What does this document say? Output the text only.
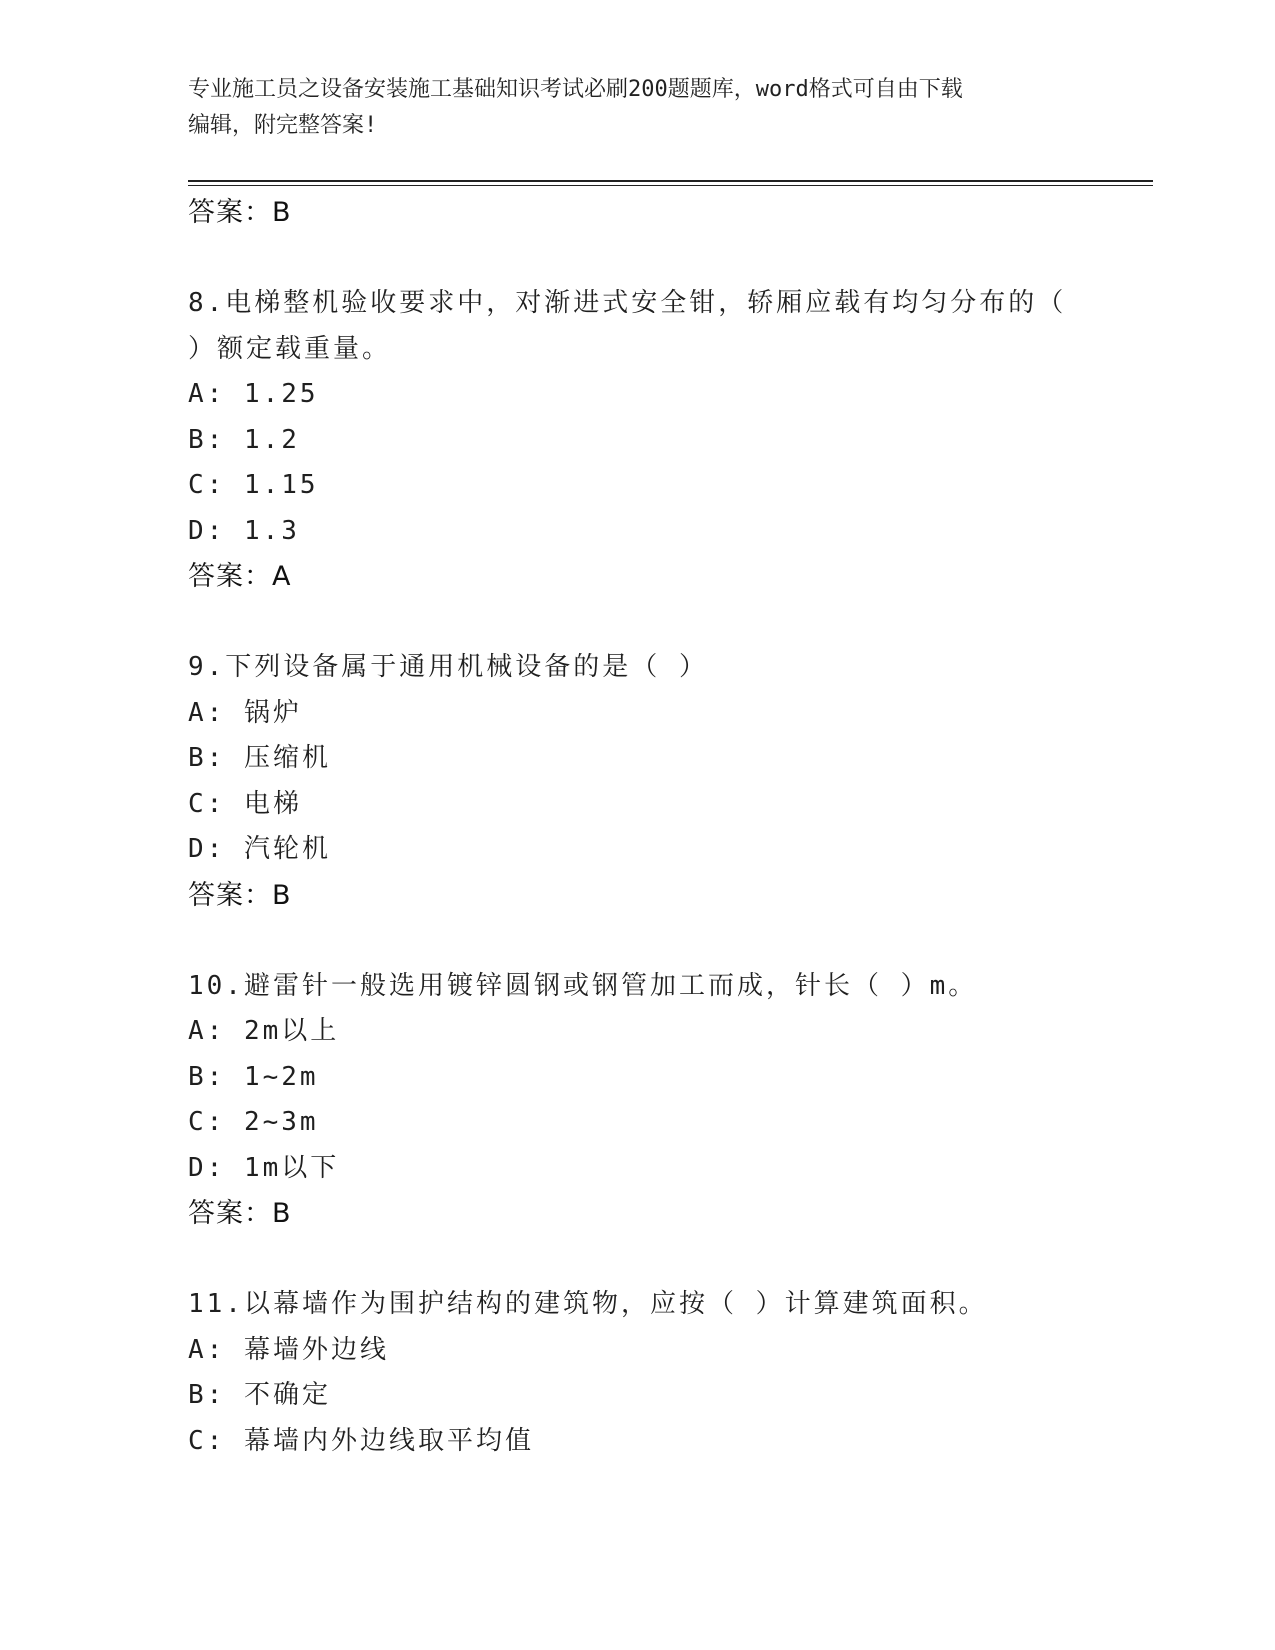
专业施工员之设备安装施工基础知识考试必刷200题题库，word格式可自由下载
编辑，附完整答案!
答案：B
8.电梯整机验收要求中，对渐进式安全钳，轿厢应载有均匀分布的（
）额定载重量。
A: 1.25
B: 1.2
C: 1.15
D: 1.3
答案：A
9.下列设备属于通用机械设备的是（ ）
A: 锅炉
B: 压缩机
C: 电梯
D: 汽轮机
答案：B
10.避雷针一般选用镀锌圆钢或钢管加工而成，针长（ ）m。
A: 2m以上
B: 1~2m
C: 2~3m
D: 1m以下
答案：B
11.以幕墙作为围护结构的建筑物，应按（ ）计算建筑面积。
A: 幕墙外边线
B: 不确定
C: 幕墙内外边线取平均值
